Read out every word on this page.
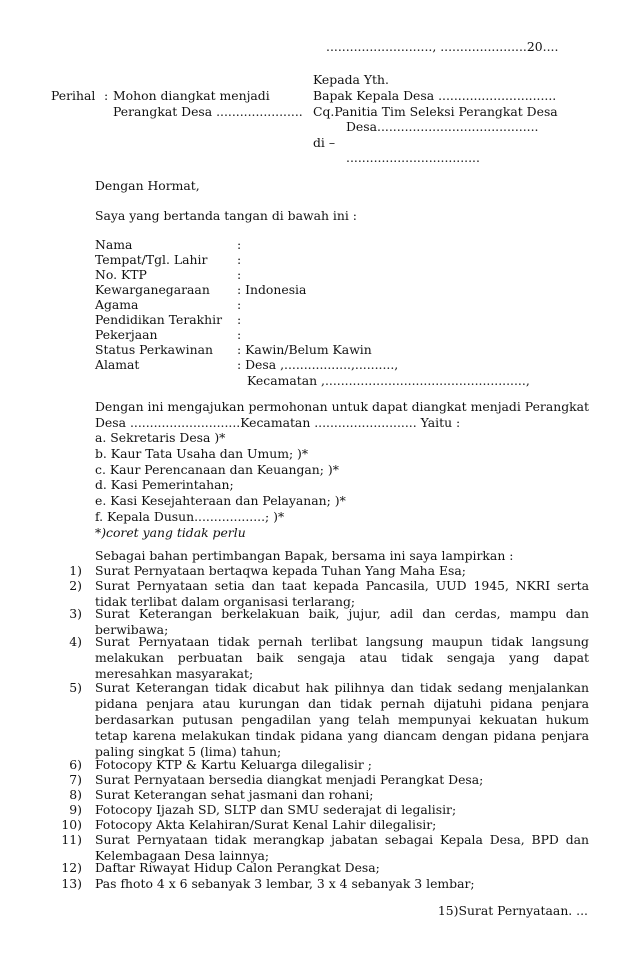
..........................., ......................20....
Kepada Yth.
Bapak Kepala Desa ..............................
Cq.Panitia Tim Seleksi Perangkat Desa
Desa.........................................
di –
..................................
Perihal : Mohon diangkat menjadi
Perangkat Desa ......................
Dengan Hormat,
Saya yang bertanda tangan di bawah ini :
Nama	:
Tempat/Tgl. Lahir :
No. KTP	:
Kewarganegaraan : Indonesia
Agama	:
Pendidikan Terakhir :
Pekerjaan	:
Status Perkawinan : Kawin/Belum Kawin
Alamat	: Desa ,.................,..........,
Kecamatan ,...................................................,
Dengan ini mengajukan permohonan untuk dapat diangkat menjadi Perangkat Desa ............................Kecamatan .......................... Yaitu :
a. Sekretaris Desa )*
b. Kaur Tata Usaha dan Umum; )*
c. Kaur Perencanaan dan Keuangan; )*
d. Kasi Pemerintahan;
e. Kasi Kesejahteraan dan Pelayanan; )*
f. Kepala Dusun..................; )*
*)coret yang tidak perlu
Sebagai bahan pertimbangan Bapak, bersama ini saya lampirkan :
1) Surat Pernyataan bertaqwa kepada Tuhan Yang Maha Esa;
2) Surat Pernyataan setia dan taat kepada Pancasila, UUD 1945, NKRI serta tidak terlibat dalam organisasi terlarang;
3) Surat Keterangan berkelakuan baik, jujur, adil dan cerdas, mampu dan berwibawa;
4) Surat Pernyataan tidak pernah terlibat langsung maupun tidak langsung melakukan perbuatan baik sengaja atau tidak sengaja yang dapat meresahkan masyarakat;
5) Surat Keterangan tidak dicabut hak pilihnya dan tidak sedang menjalankan pidana penjara atau kurungan dan tidak pernah dijatuhi pidana penjara berdasarkan putusan pengadilan yang telah mempunyai kekuatan hukum tetap karena melakukan tindak pidana yang diancam dengan pidana penjara paling singkat 5 (lima) tahun;
6) Fotocopy KTP & Kartu Keluarga dilegalisir ;
7) Surat Pernyataan bersedia diangkat menjadi Perangkat Desa;
8) Surat Keterangan sehat jasmani dan rohani;
9) Fotocopy Ijazah SD, SLTP dan SMU sederajat di legalisir;
10) Fotocopy Akta Kelahiran/Surat Kenal Lahir dilegalisir;
11) Surat Pernyataan tidak merangkap jabatan sebagai Kepala Desa, BPD dan Kelembagaan Desa lainnya;
12) Daftar Riwayat Hidup Calon Perangkat Desa;
13) Pas fhoto 4 x 6 sebanyak 3 lembar, 3 x 4 sebanyak 3 lembar;
15)Surat Pernyataan. ...
